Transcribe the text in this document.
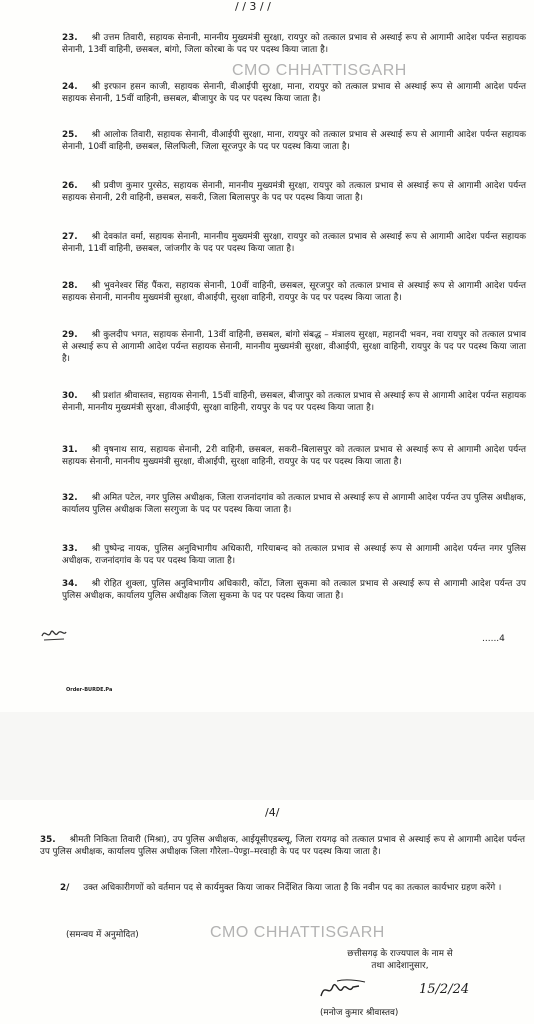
/ / 3 / /
23. श्री उत्तम तिवारी, सहायक सेनानी, माननीय मुख्यमंत्री सुरक्षा, रायपुर को तत्काल प्रभाव से अस्थाई रूप से आगामी आदेश पर्यन्त सहायक सेनानी, 13वीं वाहिनी, छसबल, बांगो, जिला कोरबा के पद पर पदस्थ किया जाता है।
24. श्री इरफान हसन काजी, सहायक सेनानी, वीआईपी सुरक्षा, माना, रायपुर को तत्काल प्रभाव से अस्थाई रूप से आगामी आदेश पर्यन्त सहायक सेनानी, 15वीं वाहिनी, छसबल, बीजापुर के पद पर पदस्थ किया जाता है।
25. श्री आलोक तिवारी, सहायक सेनानी, वीआईपी सुरक्षा, माना, रायपुर को तत्काल प्रभाव से अस्थाई रूप से आगामी आदेश पर्यन्त सहायक सेनानी, 10वीं वाहिनी, छसबल, सिलफिली, जिला सूरजपुर के पद पर पदस्थ किया जाता है।
26. श्री प्रवीण कुमार पुरसेठ, सहायक सेनानी, माननीय मुख्यमंत्री सुरक्षा, रायपुर को तत्काल प्रभाव से अस्थाई रूप से आगामी आदेश पर्यन्त सहायक सेनानी, 2री वाहिनी, छसबल, सकरी, जिला बिलासपुर के पद पर पदस्थ किया जाता है।
27. श्री देवकांत वर्मा, सहायक सेनानी, माननीय मुख्यमंत्री सुरक्षा, रायपुर को तत्काल प्रभाव से अस्थाई रूप से आगामी आदेश पर्यन्त सहायक सेनानी, 11वीं वाहिनी, छसबल, जांजगीर के पद पर पदस्थ किया जाता है।
28. श्री भुवनेश्वर सिंह पैंकरा, सहायक सेनानी, 10वीं वाहिनी, छसबल, सूरजपुर को तत्काल प्रभाव से अस्थाई रूप से आगामी आदेश पर्यन्त सहायक सेनानी, माननीय मुख्यमंत्री सुरक्षा, वीआईपी, सुरक्षा वाहिनी, रायपुर के पद पर पदस्थ किया जाता है।
29. श्री कुलदीप भगत, सहायक सेनानी, 13वीं वाहिनी, छसबल, बांगो संबद्ध – मंत्रालय सुरक्षा, महानदी भवन, नवा रायपुर को तत्काल प्रभाव से अस्थाई रूप से आगामी आदेश पर्यन्त सहायक सेनानी, माननीय मुख्यमंत्री सुरक्षा, वीआईपी, सुरक्षा वाहिनी, रायपुर के पद पर पदस्थ किया जाता है।
30. श्री प्रशांत श्रीवास्तव, सहायक सेनानी, 15वीं वाहिनी, छसबल, बीजापुर को तत्काल प्रभाव से अस्थाई रूप से आगामी आदेश पर्यन्त सहायक सेनानी, माननीय मुख्यमंत्री सुरक्षा, वीआईपी, सुरक्षा वाहिनी, रायपुर के पद पर पदस्थ किया जाता है।
31. श्री वृषनाथ साय, सहायक सेनानी, 2री वाहिनी, छसबल, सकरी–बिलासपुर को तत्काल प्रभाव से अस्थाई रूप से आगामी आदेश पर्यन्त सहायक सेनानी, माननीय मुख्यमंत्री सुरक्षा, वीआईपी, सुरक्षा वाहिनी, रायपुर के पद पर पदस्थ किया जाता है।
32. श्री अमित पटेल, नगर पुलिस अधीक्षक, जिला राजनांदगांव को तत्काल प्रभाव से अस्थाई रूप से आगामी आदेश पर्यन्त उप पुलिस अधीक्षक, कार्यालय पुलिस अधीक्षक जिला सरगुजा के पद पर पदस्थ किया जाता है।
33. श्री पुष्पेन्द्र नायक, पुलिस अनुविभागीय अधिकारी, गरियाबन्द को तत्काल प्रभाव से अस्थाई रूप से आगामी आदेश पर्यन्त नगर पुलिस अधीक्षक, राजनांदगांव के पद पर पदस्थ किया जाता है।
34. श्री रोहित शुक्ला, पुलिस अनुविभागीय अधिकारी, कोंटा, जिला सुकमा को तत्काल प्रभाव से अस्थाई रूप से आगामी आदेश पर्यन्त उप पुलिस अधीक्षक, कार्यालय पुलिस अधीक्षक जिला सुकमा के पद पर पदस्थ किया जाता है।
CMO CHHATTISGARH
......4
Order-BURDE.Pa
/4/
35. श्रीमती निकिता तिवारी (मिश्रा), उप पुलिस अधीक्षक, आईयूसीएडब्ल्यू, जिला रायगढ़ को तत्काल प्रभाव से अस्थाई रूप से आगामी आदेश पर्यन्त उप पुलिस अधीक्षक, कार्यालय पुलिस अधीक्षक जिला गौरेला–पेण्ड्रा–मरवाही के पद पर पदस्थ किया जाता है।
2/ उक्त अधिकारीगणों को वर्तमान पद से कार्यमुक्त किया जाकर निर्देशित किया जाता है कि नवीन पद का तत्काल कार्यभार ग्रहण करेंगे ।
(समन्वय में अनुमोदित)	CMO CHHATTISGARH
छत्तीसगढ़ के राज्यपाल के नाम से
तथा आदेशानुसार,
15/2/24
(मनोज कुमार श्रीवास्तव)
